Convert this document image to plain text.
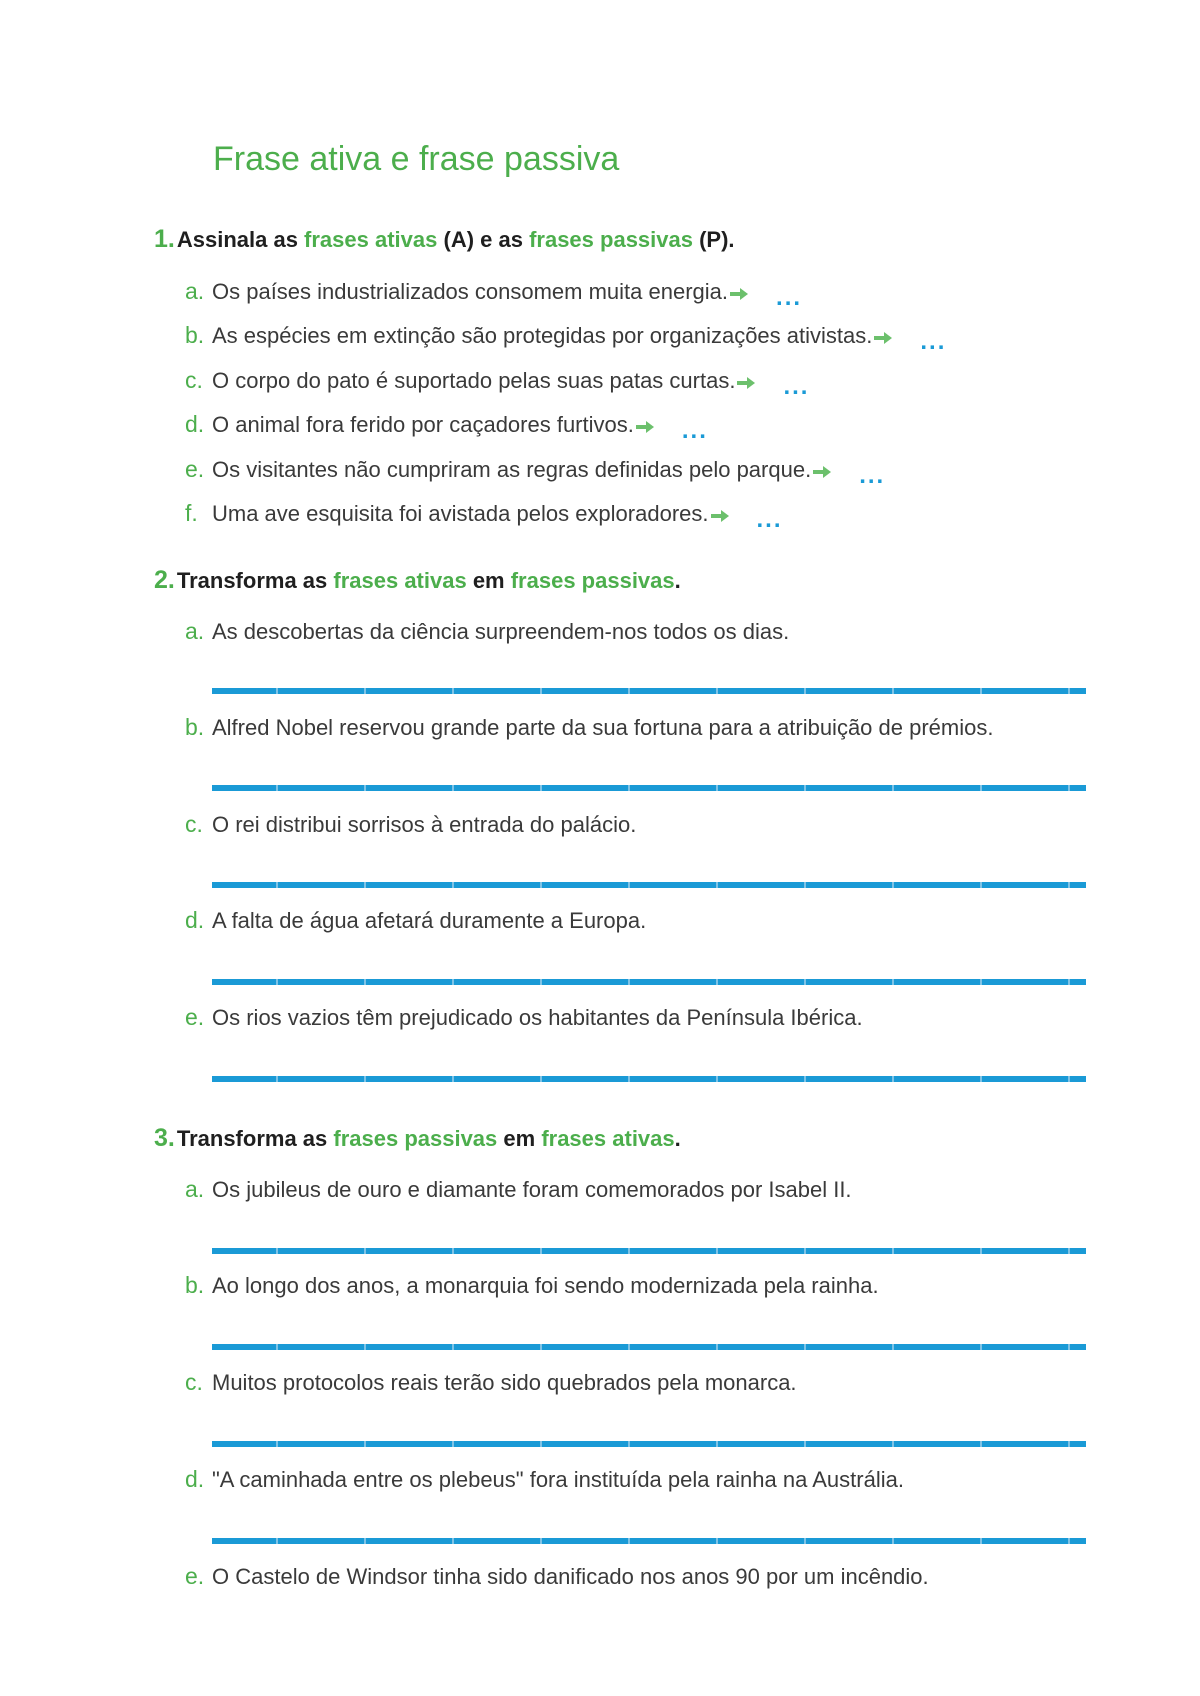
Frase ativa e frase passiva
1.Assinala as frases ativas (A) e as frases passivas (P).
a. Os países industrializados consomem muita energia. ...
b. As espécies em extinção são protegidas por organizações ativistas. ...
c. O corpo do pato é suportado pelas suas patas curtas. ...
d. O animal fora ferido por caçadores furtivos. ...
e. Os visitantes não cumpriram as regras definidas pelo parque. ...
f. Uma ave esquisita foi avistada pelos exploradores. ...
2.Transforma as frases ativas em frases passivas.
a. As descobertas da ciência surpreendem-nos todos os dias.
b. Alfred Nobel reservou grande parte da sua fortuna para a atribuição de prémios.
c. O rei distribui sorrisos à entrada do palácio.
d. A falta de água afetará duramente a Europa.
e. Os rios vazios têm prejudicado os habitantes da Península Ibérica.
3.Transforma as frases passivas em frases ativas.
a. Os jubileus de ouro e diamante foram comemorados por Isabel II.
b. Ao longo dos anos, a monarquia foi sendo modernizada pela rainha.
c. Muitos protocolos reais terão sido quebrados pela monarca.
d. "A caminhada entre os plebeus" fora instituída pela rainha na Austrália.
e. O Castelo de Windsor tinha sido danificado nos anos 90 por um incêndio.
